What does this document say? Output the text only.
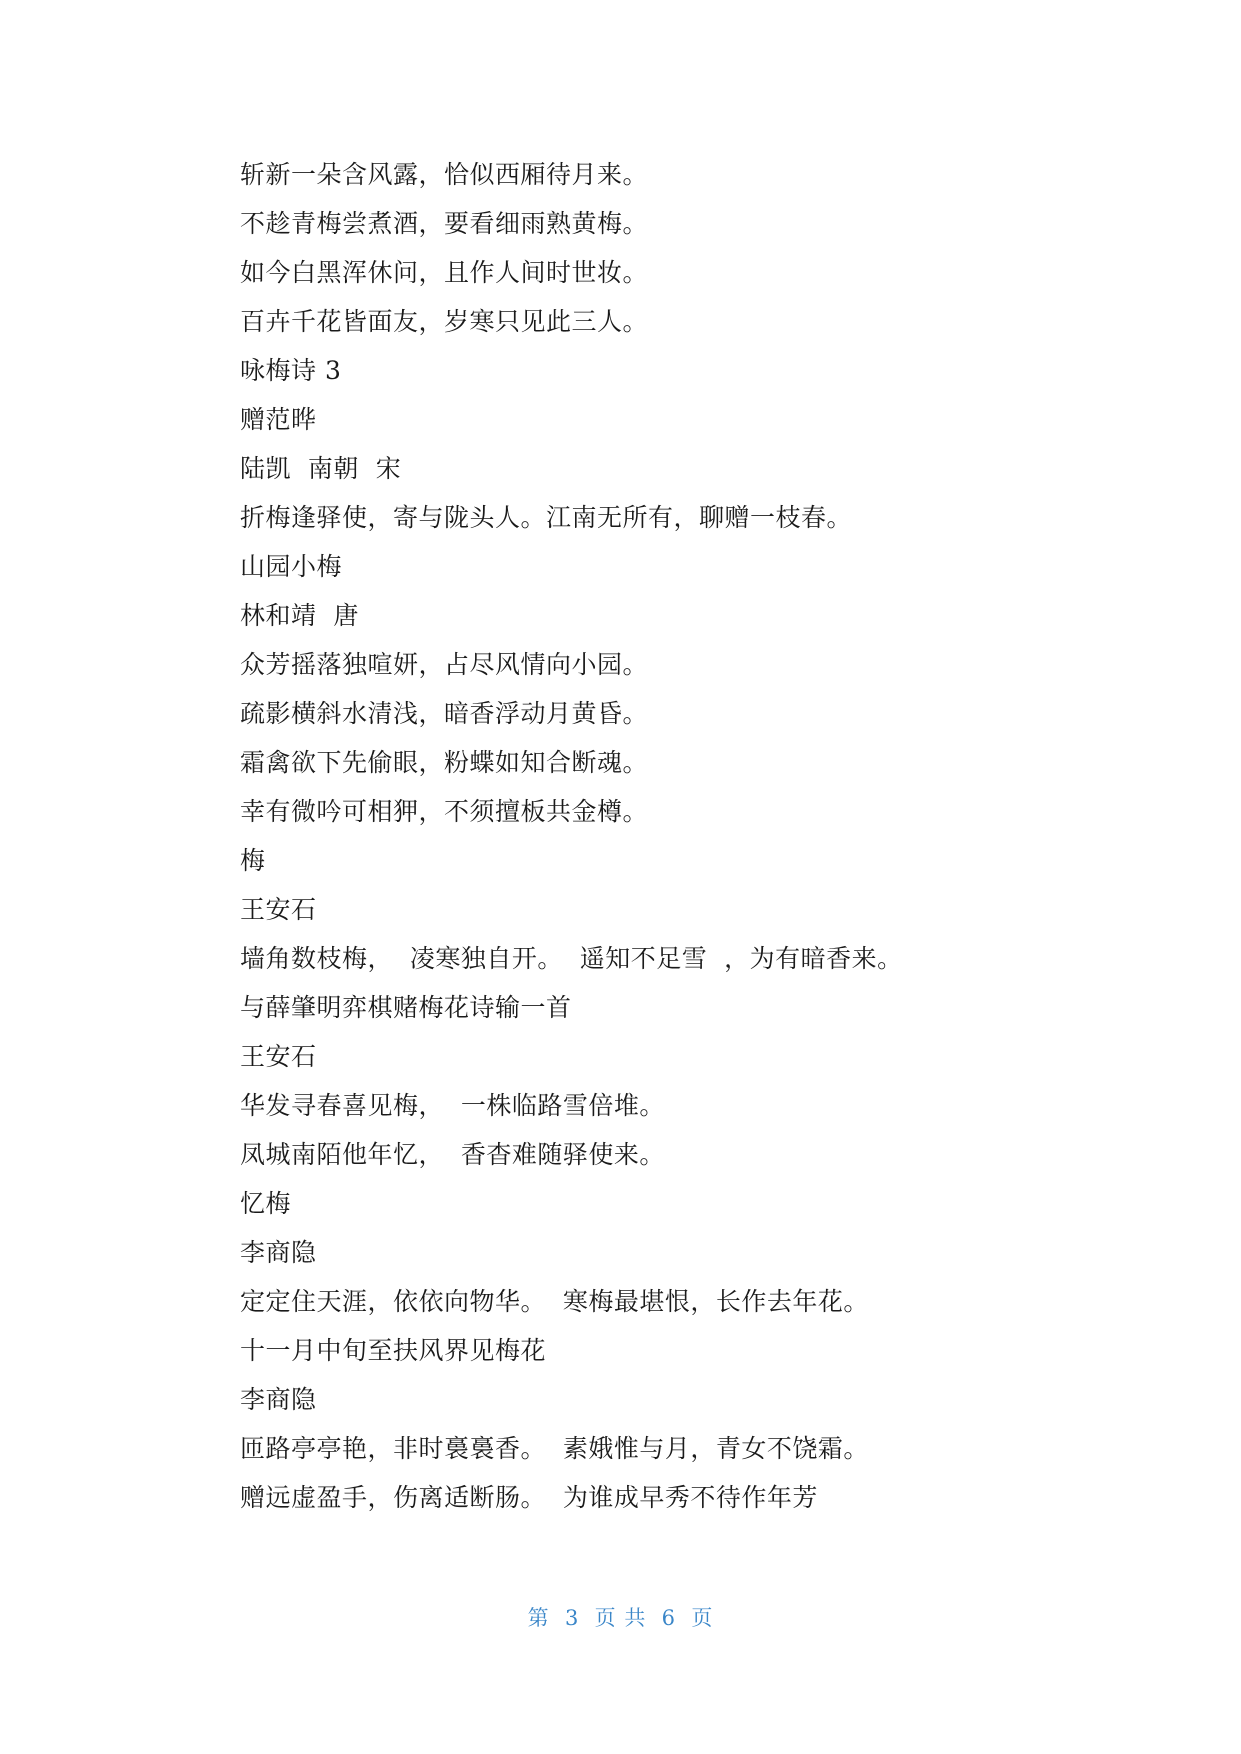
斩新一朵含风露，恰似西厢待月来。
不趁青梅尝煮酒，要看细雨熟黄梅。
如今白黑浑休问，且作人间时世妆。
百卉千花皆面友，岁寒只见此三人。
咏梅诗 3
赠范晔
陆凯  南朝  宋
折梅逢驿使，寄与陇头人。江南无所有，聊赠一枝春。
山园小梅
林和靖  唐
众芳摇落独喧妍，占尽风情向小园。
疏影横斜水清浅，暗香浮动月黄昏。
霜禽欲下先偷眼，粉蝶如知合断魂。
幸有微吟可相狎，不须擅板共金樽。
梅
王安石
墙角数枝梅，  凌寒独自开。  遥知不足雪  ，为有暗香来。
与薛肇明弈棋赌梅花诗输一首
王安石
华发寻春喜见梅，  一株临路雪倍堆。
凤城南陌他年忆，  香杳难随驿使来。
忆梅
李商隐
定定住天涯，依依向物华。  寒梅最堪恨，长作去年花。
十一月中旬至扶风界见梅花
李商隐
匝路亭亭艳，非时裛裛香。  素娥惟与月，青女不饶霜。
赠远虚盈手，伤离适断肠。  为谁成早秀不待作年芳
第  3  页 共  6  页
